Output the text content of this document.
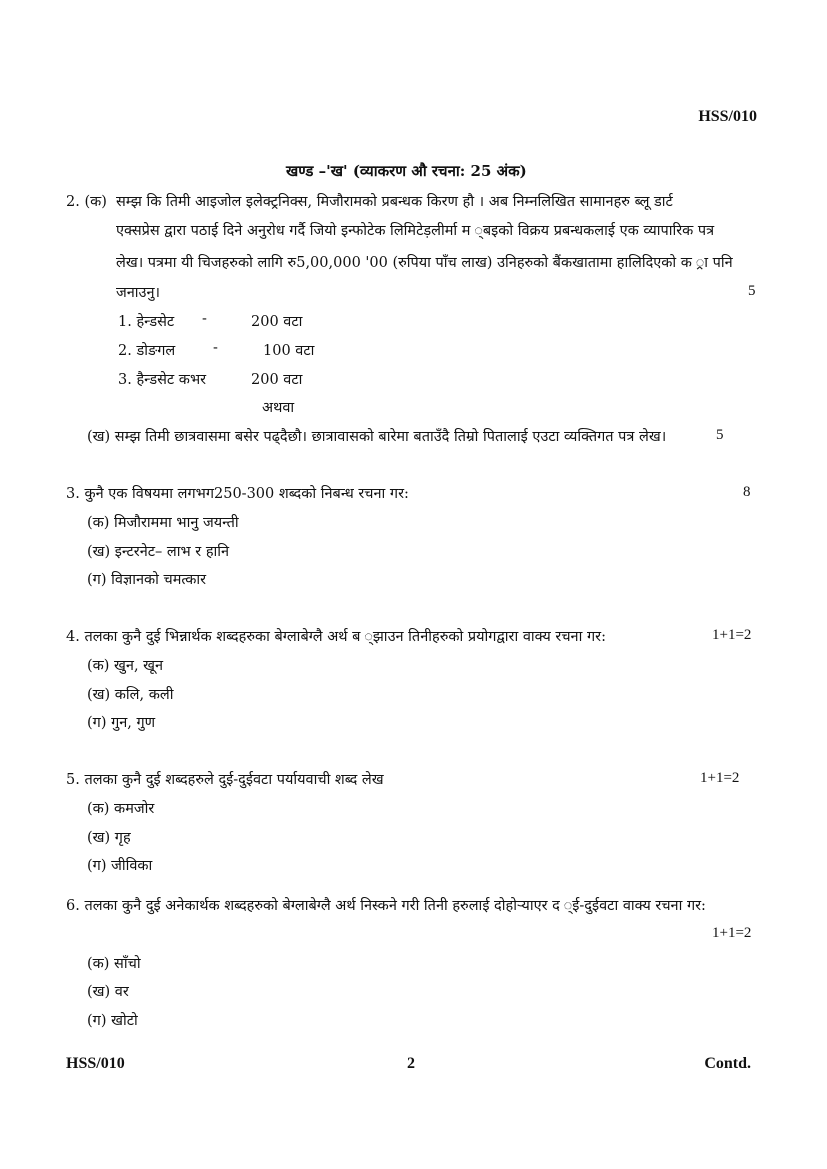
HSS/010
खण्ड –'ख' (व्याकरण औ रचना: 25 अंक)
2. (क) सम्झ कि तिमी आइजोल इलेक्ट्रनिक्स, मिजौरामको प्रबन्धक किरण हौ । अब निम्नलिखित सामानहरु ब्लू डार्ट
एक्सप्रेस द्वारा पठाई दिने अनुरोध गर्दै जियो इन्फोटेक लिमिटेड़लीर्मा म ्बइको विक्रय प्रबन्धकलाई एक व्यापारिक पत्र
लेख। पत्रमा यी चिजहरुको लागि रु5,00,000 '00 (रुपिया पाँच लाख) उनिहरुको बैंकखातामा हालिदिएको क ्रा पनि
जनाउनु।	5
1. हेन्डसेट -	200 वटा
2. डोङगल	-	100 वटा
3. हैन्डसेट कभर	200 वटा
अथवा
(ख) सम्झ तिमी छात्रवासमा बसेर पढ्दैछौ। छात्रावासको बारेमा बताउँदै तिम्रो पितालाई एउटा व्यक्तिगत पत्र लेख।	5
3. कुनै एक विषयमा लगभग250-300 शब्दको निबन्ध रचना गर:	8
(क) मिजौराममा भानु जयन्ती
(ख) इन्टरनेट– लाभ र हानि
(ग) विज्ञानको चमत्कार
4. तलका कुनै दुई भिन्नार्थक शब्दहरुका बेग्लाबेग्लै अर्थ ब ्झाउन तिनीहरुको प्रयोगद्वारा वाक्य रचना गर:	1+1=2
(क) खुन, खून
(ख) कलि, कली
(ग) गुन, गुण
5. तलका कुनै दुई शब्दहरुले दुई-दुईवटा पर्यायवाची शब्द लेख	1+1=2
(क) कमजोर
(ख) गृह
(ग) जीविका
6. तलका कुनै दुई अनेकार्थक शब्दहरुको बेग्लाबेग्लै अर्थ निस्कने गरी तिनी हरुलाई दोहोऱ्याएर द ्ई-दुईवटा वाक्य रचना गर:
1+1=2
(क) साँचो
(ख) वर
(ग) खोटो
HSS/010	2	Contd.
